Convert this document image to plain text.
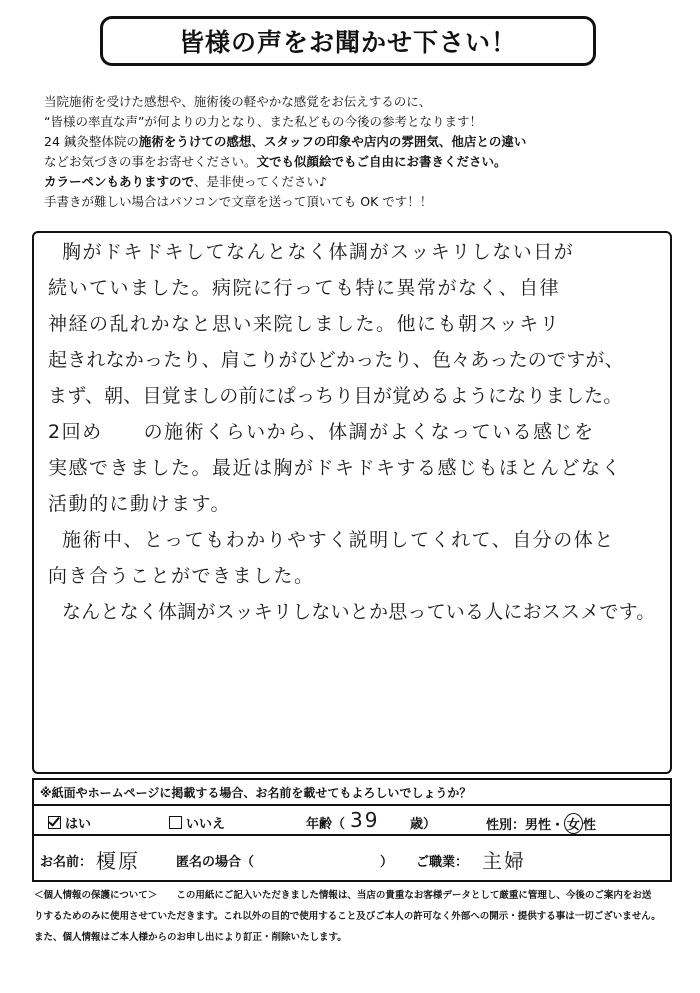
皆様の声をお聞かせ下さい！
当院施術を受けた感想や、施術後の軽やかな感覚をお伝えするのに、
“皆様の率直な声”が何よりの力となり、また私どもの今後の参考となります！
24 鍼灸整体院の施術をうけての感想、スタッフの印象や店内の雰囲気、他店との違い
などお気づきの事をお寄せください。文でも似顔絵でもご自由にお書きください。
カラーペンもありますので、是非使ってください♪
手書きが難しい場合はパソコンで文章を送って頂いても OK です！！
胸がドキドキしてなんとなく体調がスッキリしない日が
続いていました。病院に行っても特に異常がなく、自律
神経の乱れかなと思い来院しました。他にも朝スッキリ
起きれなかったり、肩こりがひどかったり、色々あったのですが、
まず、朝、目覚ましの前にぱっちり目が覚めるようになりました。
2回め　　の施術くらいから、体調がよくなっている感じを
実感できました。最近は胸がドキドキする感じもほとんどなく
活動的に動けます。
施術中、とってもわかりやすく説明してくれて、自分の体と
向き合うことができました。
なんとなく体調がスッキリしないとか思っている人におススメです。
※紙面やホームページに掲載する場合、お名前を載せてもよろしいでしょうか？
はい	いいえ	年齢（ 39 歳）	性別：男性・ 女 性
お名前： 榎原	匿名の場合（	） ご職業： 主婦
＜個人情報の保護について＞　　 この用紙にご記入いただきました情報は、当店の貴重なお客様データとして厳重に管理し、今後のご案内をお送
りするためのみに使用させていただきます。これ以外の目的で使用すること及びご本人の許可なく外部への開示・提供する事は一切ございません。
また、個人情報はご本人様からのお申し出により訂正・削除いたします。
